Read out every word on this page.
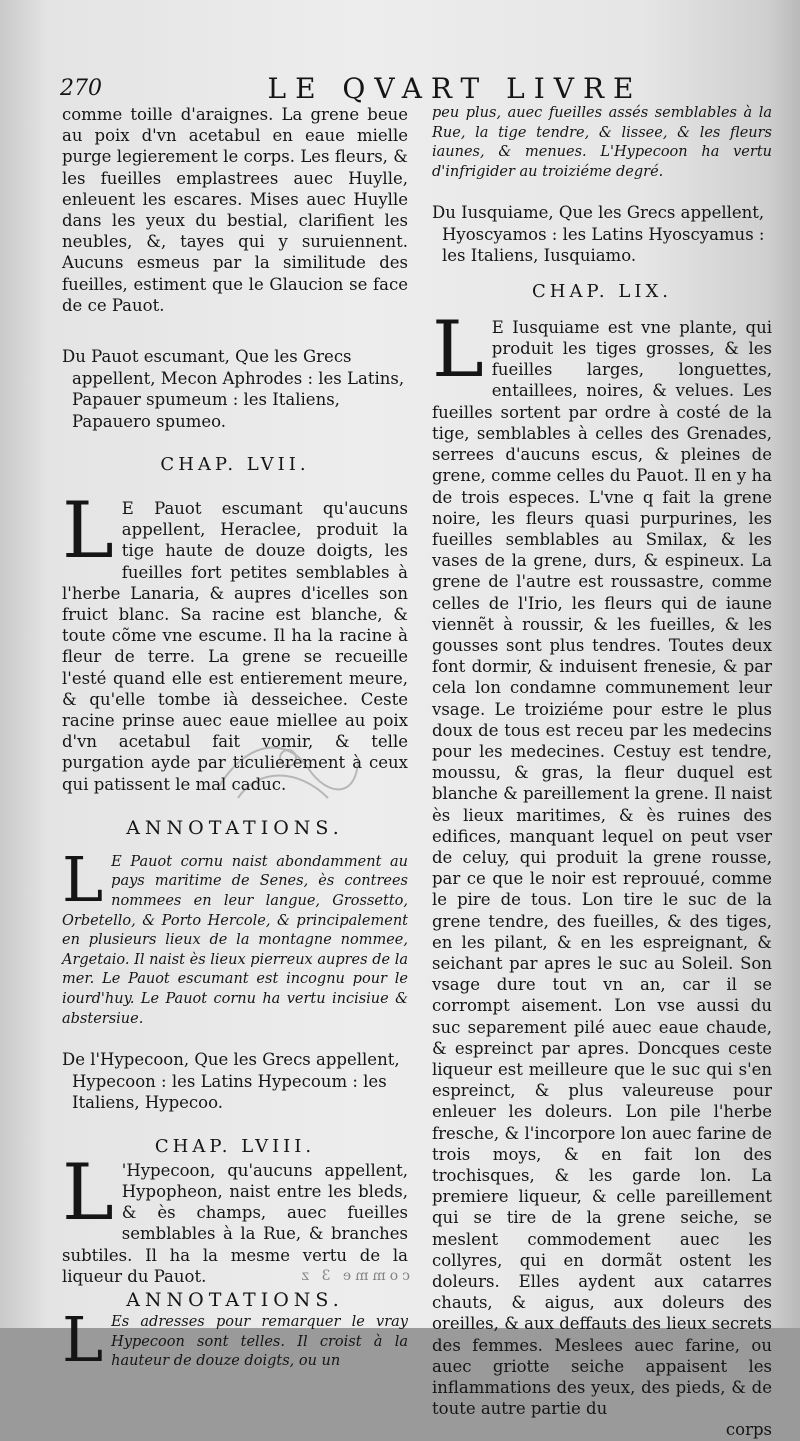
270	LE QVART LIVRE

comme toille d'araignes. La grene beue au poix d'vn acetabul en eaue mielle purge legierement le corps. Les fleurs, & les fueilles emplastrees auec Huylle, enleuent les escares. Mises auec Huylle dans les yeux du bestial, clarifient les neubles, &, tayes qui y suruiennent. Aucuns esmeus par la similitude des fueilles, estiment que le Glaucion se face de ce Pauot.

Du Pauot escumant, Que les Grecs appellent, Mecon Aphrodes : les Latins, Papauer spumeum : les Italiens, Papauero spumeo.

CHAP. LVII.

L E Pauot escumant qu'aucuns appellent, Heraclee, produit la tige haute de douze doigts, les fueilles fort petites semblables à l'herbe Lanaria, & aupres d'icelles son fruict blanc. Sa racine est blanche, & toute cõme vne escume. Il ha la racine à fleur de terre. La grene se recueille l'esté quand elle est entierement meure, & qu'elle tombe ià desseichee. Ceste racine prinse auec eaue miellee au poix d'vn acetabul fait vomir, & telle purgation ayde par ticulierement à ceux qui patissent le mal caduc.

ANNOTATIONS.

L E Pauot cornu naist abondamment au pays maritime de Senes, ès contrees nommees en leur langue, Grossetto, Orbetello, & Porto Hercole, & principalement en plusieurs lieux de la montagne nommee, Argetaio. Il naist ès lieux pierreux aupres de la mer. Le Pauot escumant est incognu pour le iourd'huy. Le Pauot cornu ha vertu incisiue & abstersiue.

De l'Hypecoon, Que les Grecs appellent, Hypecoon : les Latins Hypecoum : les Italiens, Hypecoo.

CHAP. LVIII.

L 'Hypecoon, qu'aucuns appellent, Hypopheon, naist entre les bleds, & ès champs, auec fueilles semblables à la Rue, & branches subtiles. Il ha la mesme vertu de la liqueur du Pauot.

ANNOTATIONS.

L Es adresses pour remarquer le vray Hypecoon sont telles. Il croist à la hauteur de douze doigts, ou un

peu plus, auec fueilles assés semblables à la Rue, la tige tendre, & lissee, & les fleurs iaunes, & menues. L'Hypecoon ha vertu d'infrigider au troiziéme degré.

Du Iusquiame, Que les Grecs appellent, Hyoscyamos : les Latins Hyoscyamus : les Italiens, Iusquiamo.

CHAP. LIX.

L E Iusquiame est vne plante, qui produit les tiges grosses, & les fueilles larges, longuettes, entaillees, noires, & velues. Les fueilles sortent par ordre à costé de la tige, semblables à celles des Grenades, serrees d'aucuns escus, & pleines de grene, comme celles du Pauot. Il en y ha de trois especes. L'vne q fait la grene noire, les fleurs quasi purpurines, les fueilles semblables au Smilax, & les vases de la grene, durs, & espineux. La grene de l'autre est roussastre, comme celles de l'Irio, les fleurs qui de iaune viennẽt à roussir, & les fueilles, & les gousses sont plus tendres. Toutes deux font dormir, & induisent frenesie, & par cela lon condamne communement leur vsage. Le troiziéme pour estre le plus doux de tous est receu par les medecins pour les medecines. Cestuy est tendre, moussu, & gras, la fleur duquel est blanche & pareillement la grene. Il naist ès lieux maritimes, & ès ruines des edifices, manquant lequel on peut vser de celuy, qui produit la grene rousse, par ce que le noir est reprouué, comme le pire de tous. Lon tire le suc de la grene tendre, des fueilles, & des tiges, en les pilant, & en les espreignant, & seichant par apres le suc au Soleil. Son vsage dure tout vn an, car il se corrompt aisement. Lon vse aussi du suc separement pilé auec eaue chaude, & espreinct par apres. Doncques ceste liqueur est meilleure que le suc qui s'en espreinct, & plus valeureuse pour enleuer les doleurs. Lon pile l'herbe fresche, & l'incorpore lon auec farine de trois moys, & en fait lon des trochisques, & les garde lon. La premiere liqueur, & celle pareillement qui se tire de la grene seiche, se meslent commodement auec les collyres, qui en dormãt ostent les doleurs. Elles aydent aux catarres chauts, & aigus, aux doleurs des oreilles, & aux deffauts des lieux secrets des femmes. Meslees auec farine, ou auec griotte seiche appaisent les inflammations des yeux, des pieds, & de toute autre partie du

corps

comme 3 z
